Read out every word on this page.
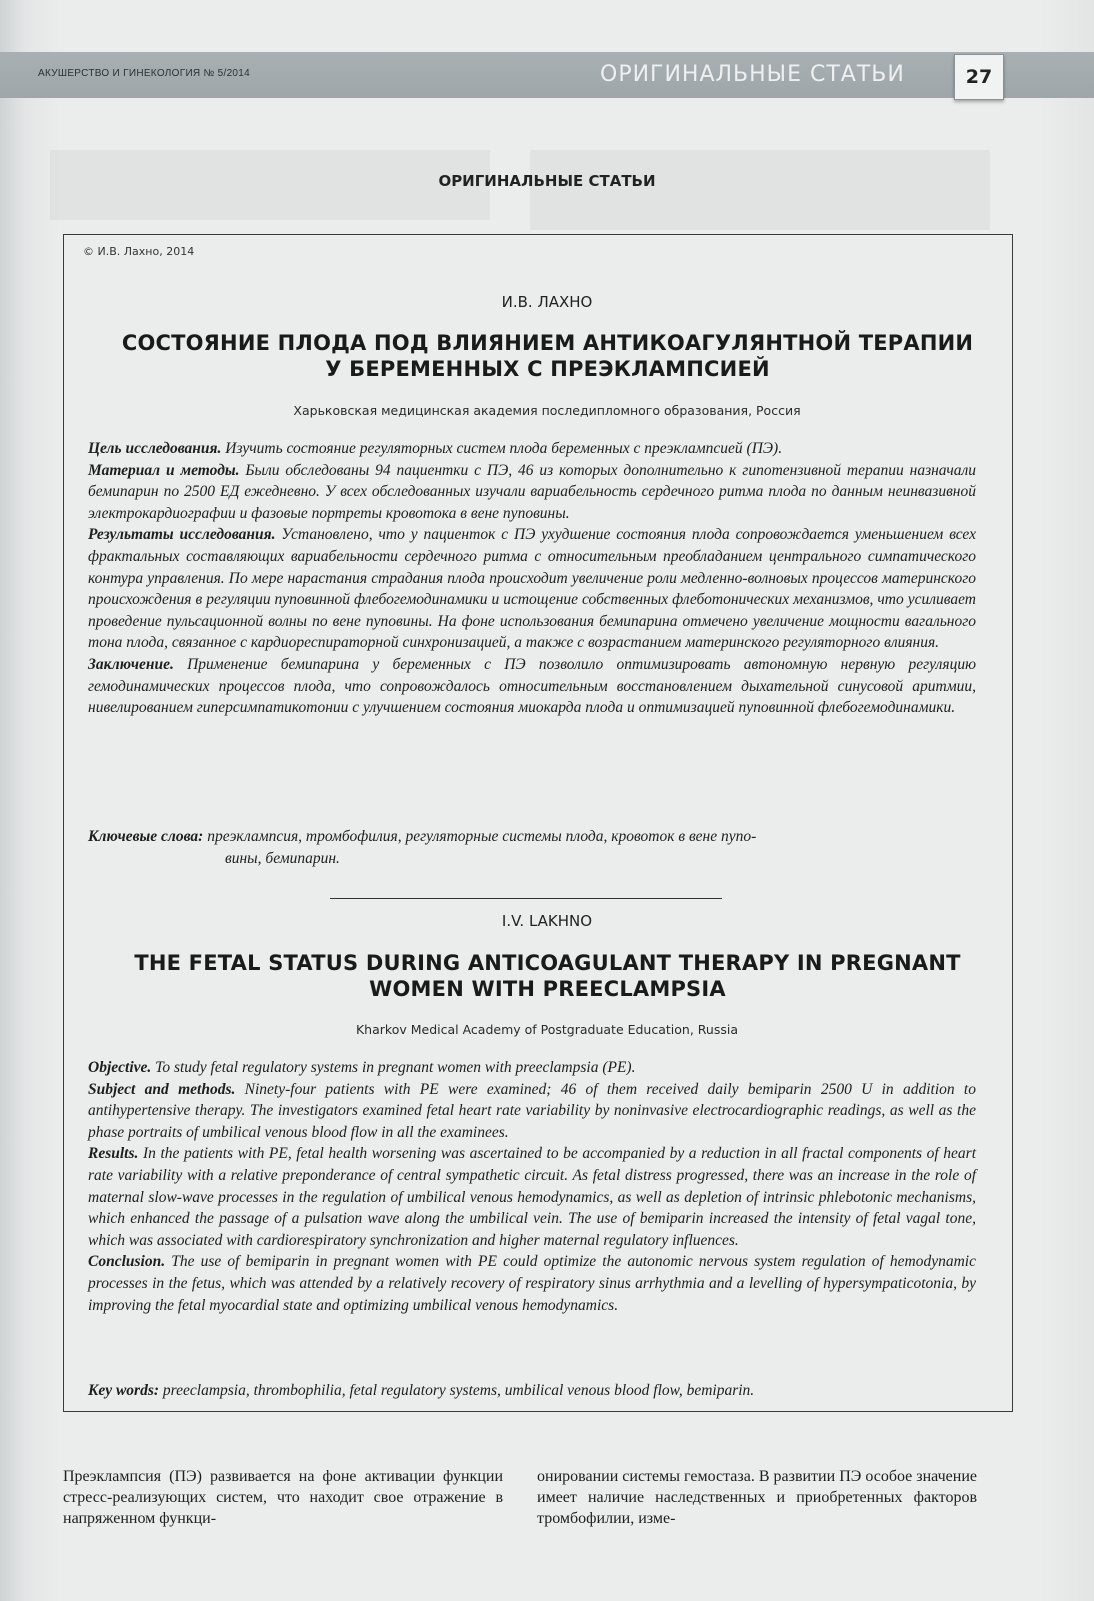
АКУШЕРСТВО И ГИНЕКОЛОГИЯ № 5/2014	ОРИГИНАЛЬНЫЕ СТАТЬИ	27
ОРИГИНАЛЬНЫЕ СТАТЬИ
© И.В. Лахно, 2014
И.В. ЛАХНО
СОСТОЯНИЕ ПЛОДА ПОД ВЛИЯНИЕМ АНТИКОАГУЛЯНТНОЙ ТЕРАПИИ
У БЕРЕМЕННЫХ С ПРЕЭКЛАМПСИЕЙ
Харьковская медицинская академия последипломного образования, Россия

Цель исследования. Изучить состояние регуляторных систем плода беременных с преэклампсией (ПЭ).

Материал и методы. Были обследованы 94 пациентки с ПЭ, 46 из которых дополнительно к гипотензивной терапии назначали бемипарин по 2500 ЕД ежедневно. У всех обследованных изучали вариабельность сердечного ритма плода по данным неинвазивной электрокардиографии и фазовые портреты кровотока в вене пуповины.

Результаты исследования. Установлено, что у пациенток с ПЭ ухудшение состояния плода сопровождается уменьшением всех фрактальных составляющих вариабельности сердечного ритма с относительным преобладанием центрального симпатического контура управления. По мере нарастания страдания плода происходит увеличение роли медленно-волновых процессов материнского происхождения в регуляции пуповинной флебогемодинамики и истощение собственных флеботонических механизмов, что усиливает проведение пульсационной волны по вене пуповины. На фоне использования бемипарина отмечено увеличение мощности вагального тона плода, связанное с кардиореспираторной синхронизацией, а также с возрастанием материнского регуляторного влияния.

Заключение. Применение бемипарина у беременных с ПЭ позволило оптимизировать автономную нервную регуляцию гемодинамических процессов плода, что сопровождалось относительным восстановлением дыхательной синусовой аритмии, нивелированием гиперсимпатикотонии с улучшением состояния миокарда плода и оптимизацией пуповинной флебогемодинамики.

Ключевые слова: преэклампсия, тромбофилия, регуляторные системы плода, кровоток в вене пупо-
вины, бемипарин.
I.V. LAKHNO
THE FETAL STATUS DURING ANTICOAGULANT THERAPY IN PREGNANT
WOMEN WITH PREECLAMPSIA
Kharkov Medical Academy of Postgraduate Education, Russia

Objective. To study fetal regulatory systems in pregnant women with preeclampsia (PE).

Subject and methods. Ninety-four patients with PE were examined; 46 of them received daily bemiparin 2500 U in addition to antihypertensive therapy. The investigators examined fetal heart rate variability by noninvasive electrocardiographic readings, as well as the phase portraits of umbilical venous blood flow in all the examinees.

Results. In the patients with PE, fetal health worsening was ascertained to be accompanied by a reduction in all fractal components of heart rate variability with a relative preponderance of central sympathetic circuit. As fetal distress progressed, there was an increase in the role of maternal slow-wave processes in the regulation of umbilical venous hemodynamics, as well as depletion of intrinsic phlebotonic mechanisms, which enhanced the passage of a pulsation wave along the umbilical vein. The use of bemiparin increased the intensity of fetal vagal tone, which was associated with cardiorespiratory synchronization and higher maternal regulatory influences.

Conclusion. The use of bemiparin in pregnant women with PE could optimize the autonomic nervous system regulation of hemodynamic processes in the fetus, which was attended by a relatively recovery of respiratory sinus arrhythmia and a levelling of hypersympaticotonia, by improving the fetal myocardial state and optimizing umbilical venous hemodynamics.

Key words: preeclampsia, thrombophilia, fetal regulatory systems, umbilical venous blood flow, bemiparin.
Преэклампсия (ПЭ) развивается на фоне активации функции стресс-реализующих систем, что находит свое отражение в напряженном функци-
онировании системы гемостаза. В развитии ПЭ особое значение имеет наличие наследственных и приобретенных факторов тромбофилии, изме-
